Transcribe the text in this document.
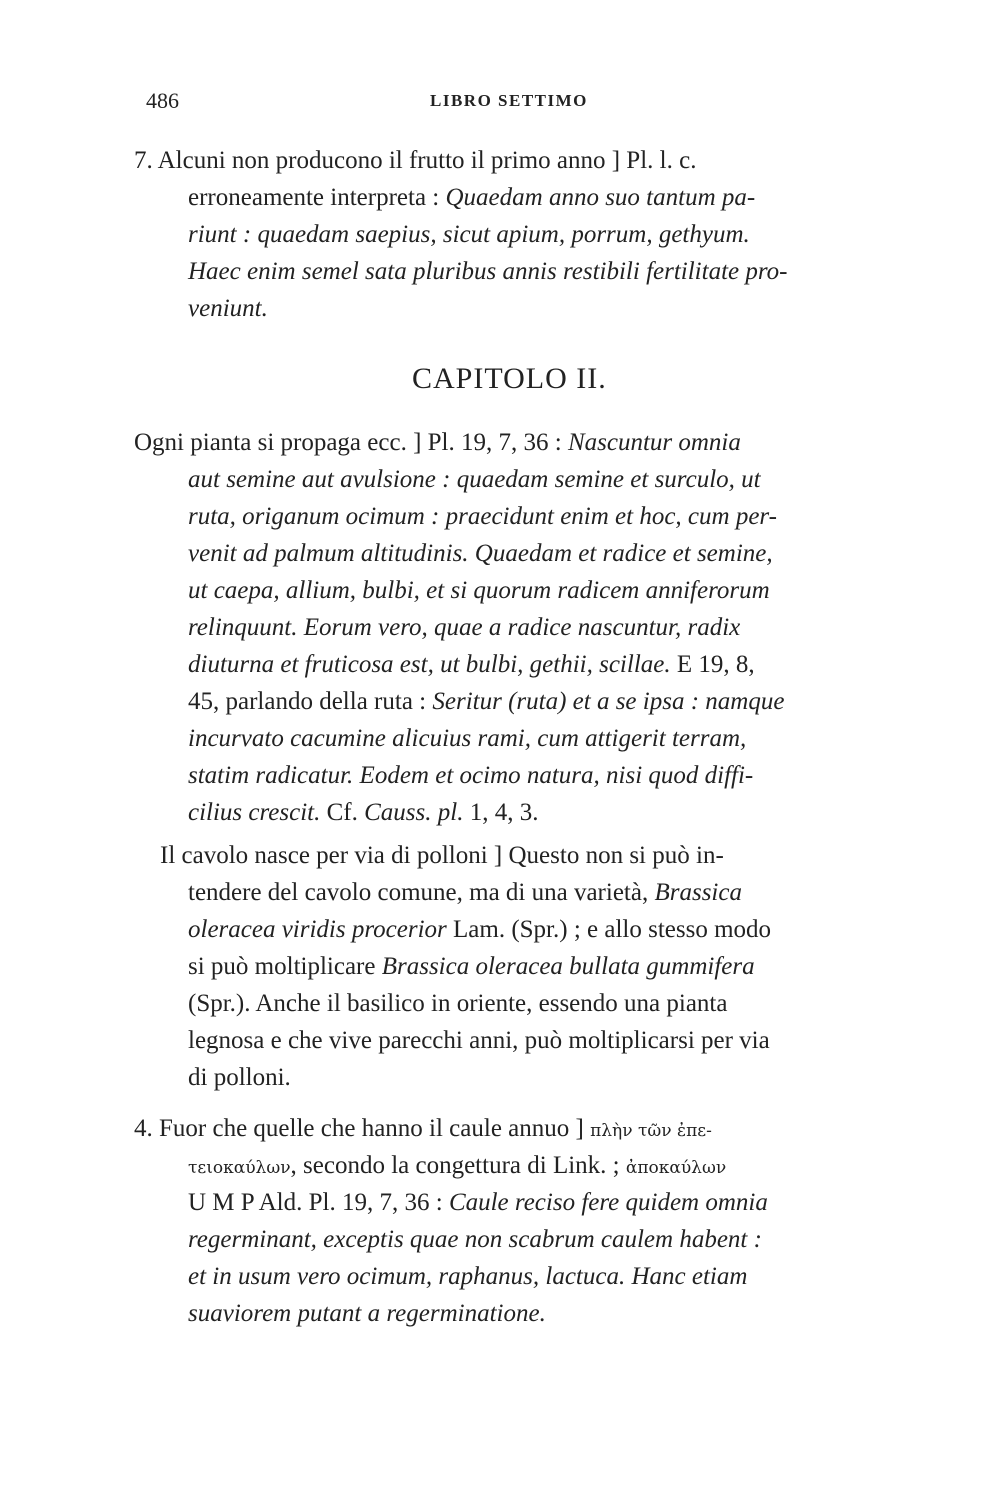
486	LIBRO SETTIMO
7. Alcuni non producono il frutto il primo anno ] Pl. l. c.
erroneamente interpreta : Quaedam anno suo tantum pa-
riunt : quaedam saepius, sicut apium, porrum, gethyum.
Haec enim semel sata pluribus annis restibili fertilitate pro-
veniunt.
CAPITOLO II.
Ogni pianta si propaga ecc. ] Pl. 19, 7, 36 : Nascuntur omnia
aut semine aut avulsione : quaedam semine et surculo, ut
ruta, origanum ocimum : praecidunt enim et hoc, cum per-
venit ad palmum altitudinis. Quaedam et radice et semine,
ut caepa, allium, bulbi, et si quorum radicem anniferorum
relinquunt. Eorum vero, quae a radice nascuntur, radix
diuturna et fruticosa est, ut bulbi, gethii, scillae. E 19, 8,
45, parlando della ruta : Seritur (ruta) et a se ipsa : namque
incurvato cacumine alicuius rami, cum attigerit terram,
statim radicatur. Eodem et ocimo natura, nisi quod diffi-
cilius crescit. Cf. Causs. pl. 1, 4, 3.
Il cavolo nasce per via di polloni ] Questo non si può in-
tendere del cavolo comune, ma di una varietà, Brassica
oleracea viridis procerior Lam. (Spr.) ; e allo stesso modo
si può moltiplicare Brassica oleracea bullata gummifera
(Spr.). Anche il basilico in oriente, essendo una pianta
legnosa e che vive parecchi anni, può moltiplicarsi per via
di polloni.
4. Fuor che quelle che hanno il caule annuo ] πλὴν τῶν ἐπε-
τειοκαύλων, secondo la congettura di Link. ; ἀποκαύλων
U M P Ald. Pl. 19, 7, 36 : Caule reciso fere quidem omnia
regerminant, exceptis quae non scabrum caulem habent :
et in usum vero ocimum, raphanus, lactuca. Hanc etiam
suaviorem putant a regerminatione.
